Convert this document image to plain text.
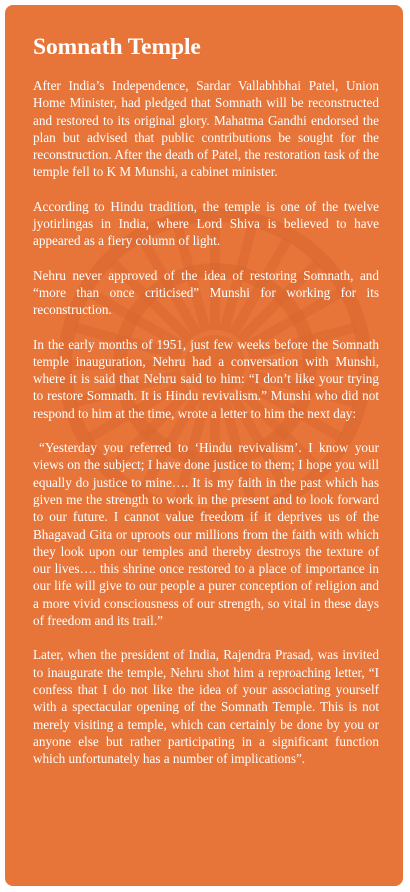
Somnath Temple

After India’s Independence, Sardar Vallabhbhai Patel, Union Home Minister, had pledged that Somnath will be reconstructed and restored to its original glory. Mahatma Gandhi endorsed the plan but advised that public contributions be sought for the reconstruction. After the death of Patel, the restoration task of the temple fell to K M Munshi, a cabinet minister.

According to Hindu tradition, the temple is one of the twelve jyotirlingas in India, where Lord Shiva is believed to have appeared as a fiery column of light.

Nehru never approved of the idea of restoring Somnath, and “more than once criticised” Munshi for working for its reconstruction.

In the early months of 1951, just few weeks before the Somnath temple inauguration, Nehru had a conversation with Munshi, where it is said that Nehru said to him: “I don’t like your trying to restore Somnath. It is Hindu revivalism.” Munshi who did not respond to him at the time, wrote a letter to him the next day:

“Yesterday you referred to ‘Hindu revivalism’. I know your views on the subject; I have done justice to them; I hope you will equally do justice to mine…. It is my faith in the past which has given me the strength to work in the present and to look forward to our future. I cannot value freedom if it deprives us of the Bhagavad Gita or uproots our millions from the faith with which they look upon our temples and thereby destroys the texture of our lives…. this shrine once restored to a place of importance in our life will give to our people a purer conception of religion and a more vivid consciousness of our strength, so vital in these days of freedom and its trail.”

Later, when the president of India, Rajendra Prasad, was invited to inaugurate the temple, Nehru shot him a reproaching letter, “I confess that I do not like the idea of your associating yourself with a spectacular opening of the Somnath Temple. This is not merely visiting a temple, which can certainly be done by you or anyone else but rather participating in a significant function which unfortunately has a number of implications”.
